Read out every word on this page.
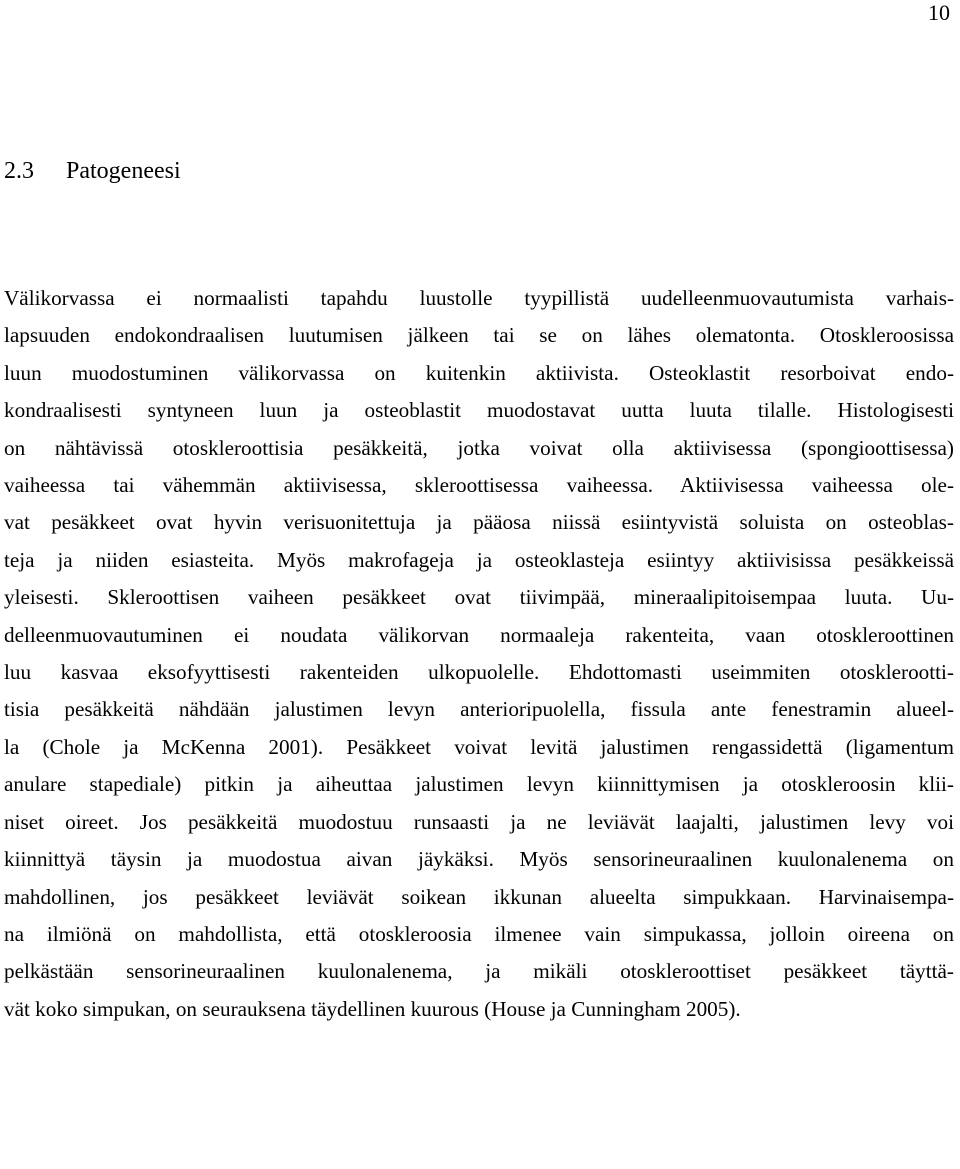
10
2.3 Patogeneesi

Välikorvassa ei normaalisti tapahdu luustolle tyypillistä uudelleenmuovautumista varhais-
lapsuuden endokondraalisen luutumisen jälkeen tai se on lähes olematonta. Otoskleroosissa
luun muodostuminen välikorvassa on kuitenkin aktiivista. Osteoklastit resorboivat endo-
kondraalisesti syntyneen luun ja osteoblastit muodostavat uutta luuta tilalle. Histologisesti
on nähtävissä otoskleroottisia pesäkkeitä, jotka voivat olla aktiivisessa (spongioottisessa)
vaiheessa tai vähemmän aktiivisessa, skleroottisessa vaiheessa. Aktiivisessa vaiheessa ole-
vat pesäkkeet ovat hyvin verisuonitettuja ja pääosa niissä esiintyvistä soluista on osteoblas-
teja ja niiden esiasteita. Myös makrofageja ja osteoklasteja esiintyy aktiivisissa pesäkkeissä
yleisesti. Skleroottisen vaiheen pesäkkeet ovat tiivimpää, mineraalipitoisempaa luuta. Uu-
delleenmuovautuminen ei noudata välikorvan normaaleja rakenteita, vaan otoskleroottinen
luu kasvaa eksofyyttisesti rakenteiden ulkopuolelle. Ehdottomasti useimmiten otosklerootti-
tisia pesäkkeitä nähdään jalustimen levyn anterioripuolella, fissula ante fenestramin alueel-
la (Chole ja McKenna 2001). Pesäkkeet voivat levitä jalustimen rengassidettä (ligamentum
anulare stapediale) pitkin ja aiheuttaa jalustimen levyn kiinnittymisen ja otoskleroosin klii-
niset oireet. Jos pesäkkeitä muodostuu runsaasti ja ne leviävät laajalti, jalustimen levy voi
kiinnittyä täysin ja muodostua aivan jäykäksi. Myös sensorineuraalinen kuulonalenema on
mahdollinen, jos pesäkkeet leviävät soikean ikkunan alueelta simpukkaan. Harvinaisempa-
na ilmiönä on mahdollista, että otoskleroosia ilmenee vain simpukassa, jolloin oireena on
pelkästään sensorineuraalinen kuulonalenema, ja mikäli otoskleroottiset pesäkkeet täyttä-
vät koko simpukan, on seurauksena täydellinen kuurous (House ja Cunningham 2005).
